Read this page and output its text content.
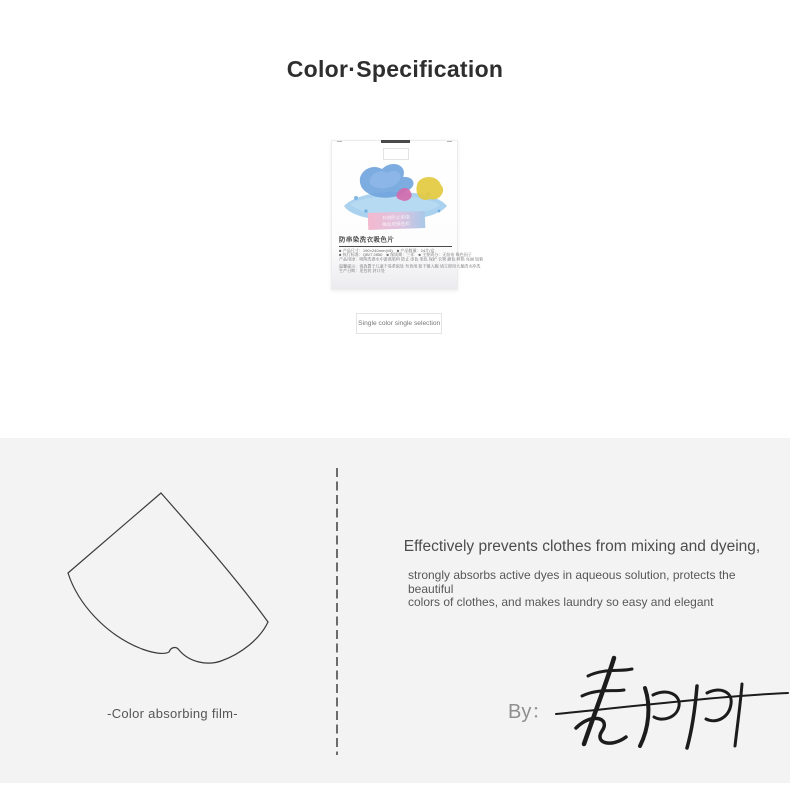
Color·Specification
有效防止串染
吸色更保色彩
防串染洗衣吸色片
■ 产品尺寸：190×240mm(±5)　■ 产品数量：24片/盒
■ 执行标准：QB/T 2850　■ 保质期：三年　■ 主要成分：无纺布 吸色因子
产品用途：吸附洗涤水中游离染料 防止 串色 染色 保护 衣物 颜色 鲜艳 亮丽 如新
温馨提示：请放置于儿童不易拿取处 勿食用 如不慎入眼 请立即用大量清水冲洗
生产日期：见包装 封口处
Single color single selection
-Color absorbing film-
Effectively prevents clothes from mixing and dyeing,
strongly absorbs active dyes in aqueous solution, protects the beautiful
colors of clothes, and makes laundry so easy and elegant
By：
